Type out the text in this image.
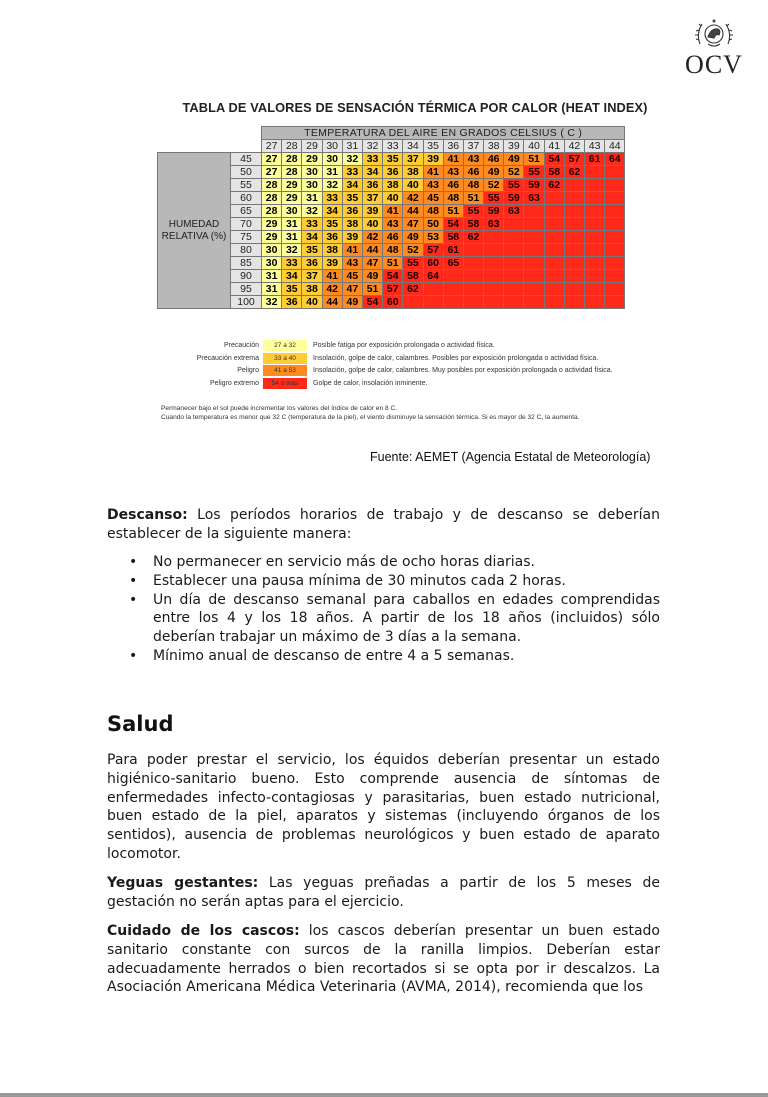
OCV
TABLA DE VALORES DE SENSACIÓN TÉRMICA POR CALOR (HEAT INDEX)
		TEMPERATURA DEL AIRE EN GRADOS CELSIUS ( C )																	
		27	28	29	30	31	32	33	34	35	36	37	38	39	40	41	42	43	44
HUMEDAD RELATIVA (%)	45	27	28	29	30	32	33	35	37	39	41	43	46	49	51	54	57	61	64
	50	27	28	30	31	33	34	36	38	41	43	46	49	52	55	58	62		
	55	28	29	30	32	34	36	38	40	43	46	48	52	55	59	62			
	60	28	29	31	33	35	37	40	42	45	48	51	55	59	63				
	65	28	30	32	34	36	39	41	44	48	51	55	59	63					
	70	29	31	33	35	38	40	43	47	50	54	58	63						
	75	29	31	34	36	39	42	46	49	53	58	62							
	80	30	32	35	38	41	44	48	52	57	61								
	85	30	33	36	39	43	47	51	55	60	65								
	90	31	34	37	41	45	49	54	58	64									
	95	31	35	38	42	47	51	57	62										
	100	32	36	40	44	49	54	60											
Precaución	27 a 32	Posible fatiga por exposición prolongada o actividad física.
Precaución extrema	33 a 40	Insolación, golpe de calor, calambres. Posibles por exposición prolongada o actividad física.
Peligro	41 a 53	Insolación, golpe de calor, calambres. Muy posibles por exposición prolongada o actividad física.
Peligro extremo	54 ó más	Golpe de calor, insolación inminente.
Permanecer bajo el sol puede incrementar los valores del índice de calor en 8 C.
Cuando la temperatura es menor que 32 C (temperatura de la piel), el viento disminuye la sensación térmica. Si es mayor de 32 C, la aumenta.
Fuente: AEMET (Agencia Estatal de Meteorología)
Descanso: Los períodos horarios de trabajo y de descanso se deberían establecer de la siguiente manera:
• No permanecer en servicio más de ocho horas diarias.
• Establecer una pausa mínima de 30 minutos cada 2 horas.
• Un día de descanso semanal para caballos en edades comprendidas entre los 4 y los 18 años. A partir de los 18 años (incluidos) sólo deberían trabajar un máximo de 3 días a la semana.
• Mínimo anual de descanso de entre 4 a 5 semanas.
Salud
Para poder prestar el servicio, los équidos deberían presentar un estado higiénico-sanitario bueno. Esto comprende ausencia de síntomas de enfermedades infecto-contagiosas y parasitarias, buen estado nutricional, buen estado de la piel, aparatos y sistemas (incluyendo órganos de los sentidos), ausencia de problemas neurológicos y buen estado de aparato locomotor.
Yeguas gestantes: Las yeguas preñadas a partir de los 5 meses de gestación no serán aptas para el ejercicio.
Cuidado de los cascos: los cascos deberían presentar un buen estado sanitario constante con surcos de la ranilla limpios. Deberían estar adecuadamente herrados o bien recortados si se opta por ir descalzos. La Asociación Americana Médica Veterinaria (AVMA, 2014), recomienda que los
